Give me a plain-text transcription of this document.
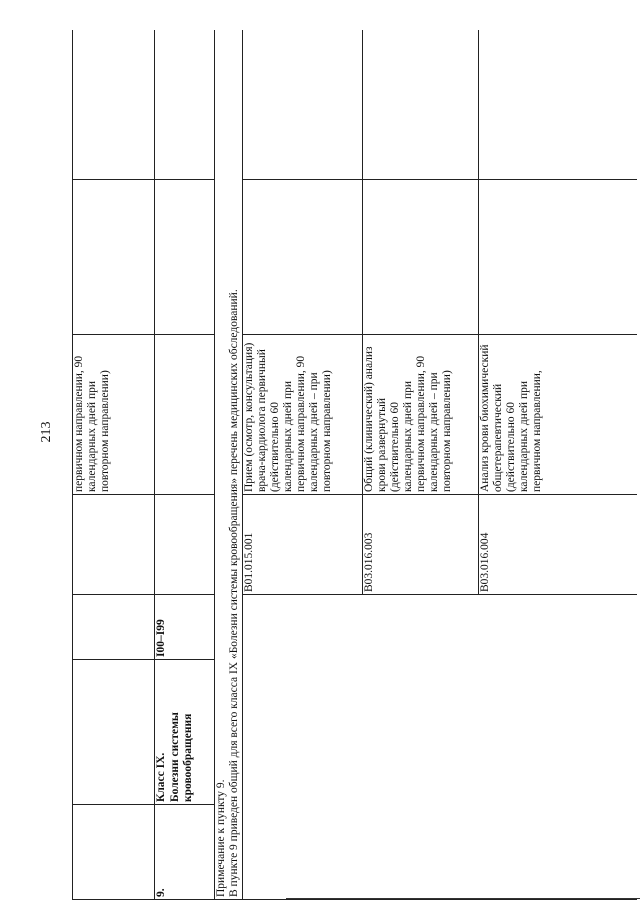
213
9.
Класс IX. Болезни системы кровообращения
I00–I99
первичном направлении, 90 календарных дней при повторном направлении)
Примечание к пункту 9. В пункте 9 приведен общий для всего класса IX «Болезни системы кровообращения» перечень медицинских обследований. B01.015.001
Прием (осмотр, консультация) врача-кардиолога первичный (действительно 60 календарных дней при первичном направлении, 90 календарных дней – при повторном направлении)
B03.016.003
Общий (клинический) анализ крови развернутый (действительно 60 календарных дней при первичном направлении, 90 календарных дней – при повторном направлении)
B03.016.004
Анализ крови биохимический общетерапевтический (действительно 60 календарных дней при первичном направлении,
